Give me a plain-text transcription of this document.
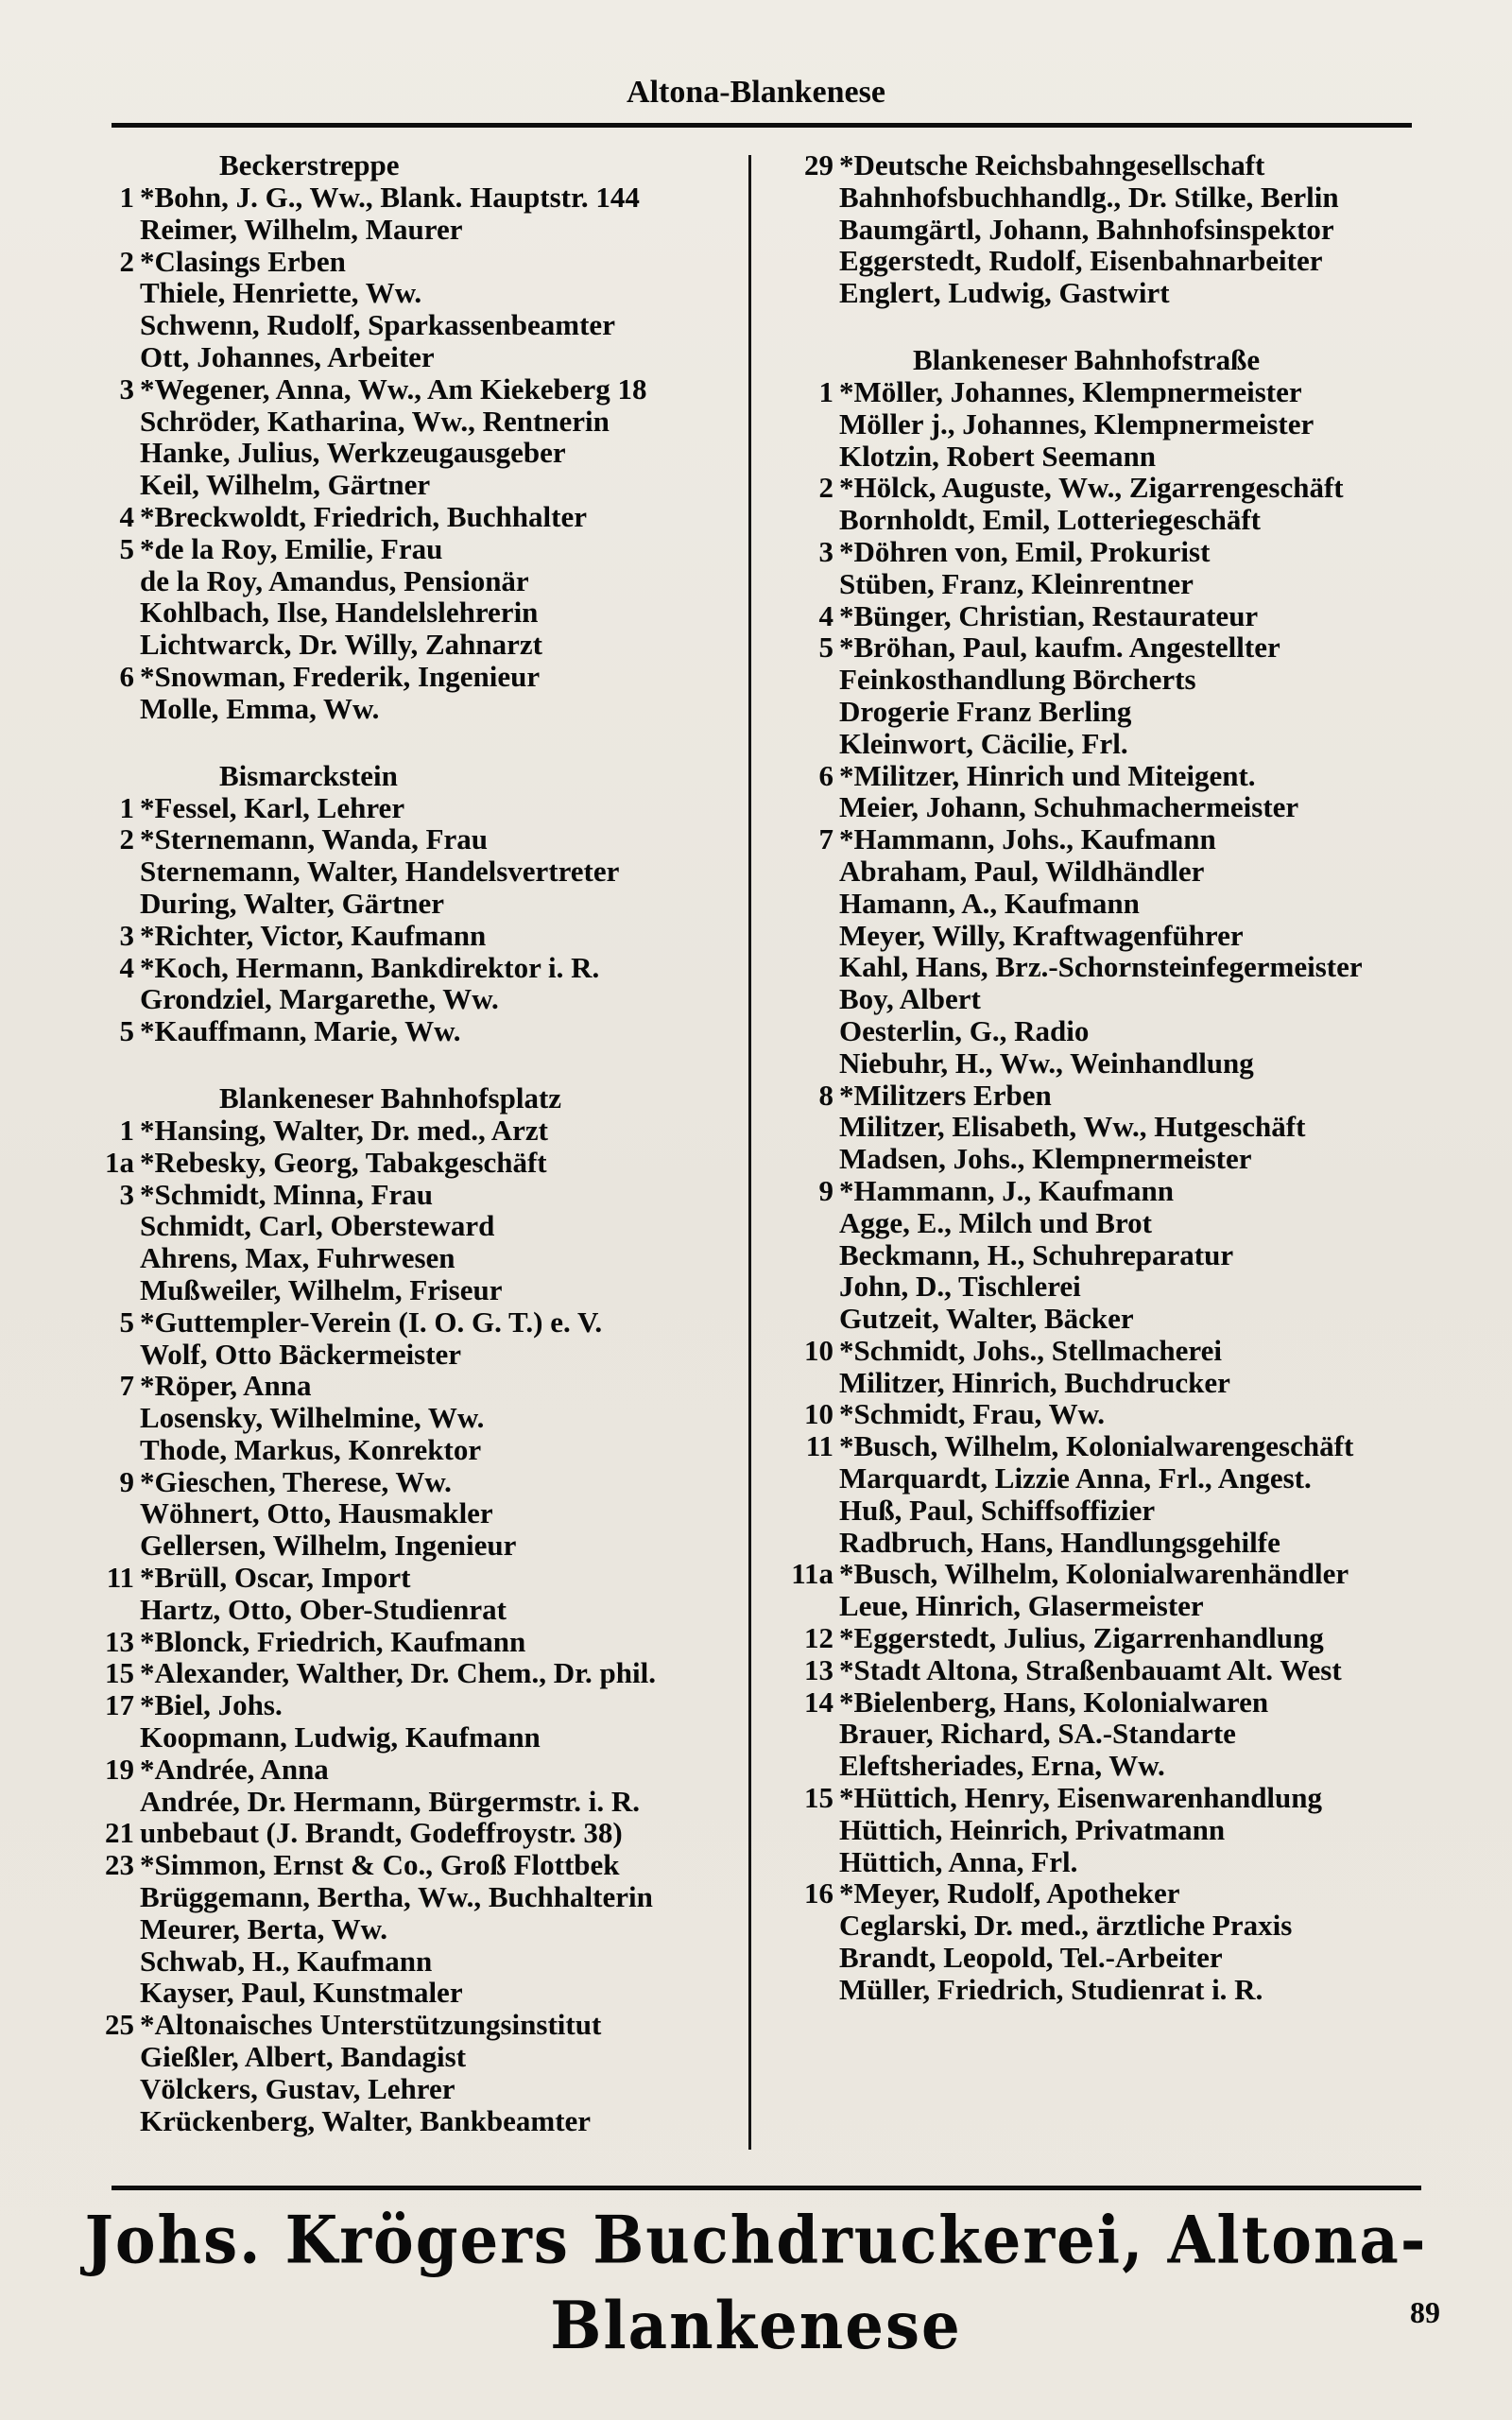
Altona-Blankenese
Beckerstreppe
1 *Bohn, J. G., Ww., Blank. Hauptstr. 144
Reimer, Wilhelm, Maurer
2 *Clasings Erben
Thiele, Henriette, Ww.
Schwenn, Rudolf, Sparkassenbeamter
Ott, Johannes, Arbeiter
3 *Wegener, Anna, Ww., Am Kiekeberg 18
Schröder, Katharina, Ww., Rentnerin
Hanke, Julius, Werkzeugausgeber
Keil, Wilhelm, Gärtner
4 *Breckwoldt, Friedrich, Buchhalter
5 *de la Roy, Emilie, Frau
de la Roy, Amandus, Pensionär
Kohlbach, Ilse, Handelslehrerin
Lichtwarck, Dr. Willy, Zahnarzt
6 *Snowman, Frederik, Ingenieur
Molle, Emma, Ww.
Bismarckstein
1 *Fessel, Karl, Lehrer
2 *Sternemann, Wanda, Frau
Sternemann, Walter, Handelsvertreter
During, Walter, Gärtner
3 *Richter, Victor, Kaufmann
4 *Koch, Hermann, Bankdirektor i. R.
Grondziel, Margarethe, Ww.
5 *Kauffmann, Marie, Ww.
Blankeneser Bahnhofsplatz
1 *Hansing, Walter, Dr. med., Arzt
1a *Rebesky, Georg, Tabakgeschäft
3 *Schmidt, Minna, Frau
Schmidt, Carl, Obersteward
Ahrens, Max, Fuhrwesen
Mußweiler, Wilhelm, Friseur
5 *Guttempler-Verein (I. O. G. T.) e. V.
Wolf, Otto Bäckermeister
7 *Röper, Anna
Losensky, Wilhelmine, Ww.
Thode, Markus, Konrektor
9 *Gieschen, Therese, Ww.
Wöhnert, Otto, Hausmakler
Gellersen, Wilhelm, Ingenieur
11 *Brüll, Oscar, Import
Hartz, Otto, Ober-Studienrat
13 *Blonck, Friedrich, Kaufmann
15 *Alexander, Walther, Dr. Chem., Dr. phil.
17 *Biel, Johs.
Koopmann, Ludwig, Kaufmann
19 *Andrée, Anna
Andrée, Dr. Hermann, Bürgermstr. i. R.
21 unbebaut (J. Brandt, Godeffroystr. 38)
23 *Simmon, Ernst & Co., Groß Flottbek
Brüggemann, Bertha, Ww., Buchhalterin
Meurer, Berta, Ww.
Schwab, H., Kaufmann
Kayser, Paul, Kunstmaler
25 *Altonaisches Unterstützungsinstitut
Gießler, Albert, Bandagist
Völckers, Gustav, Lehrer
Krückenberg, Walter, Bankbeamter
29 *Deutsche Reichsbahngesellschaft
Bahnhofsbuchhandlg., Dr. Stilke, Berlin
Baumgärtl, Johann, Bahnhofsinspektor
Eggerstedt, Rudolf, Eisenbahnarbeiter
Englert, Ludwig, Gastwirt
Blankeneser Bahnhofstraße
1 *Möller, Johannes, Klempnermeister
Möller j., Johannes, Klempnermeister
Klotzin, Robert Seemann
2 *Hölck, Auguste, Ww., Zigarrengeschäft
Bornholdt, Emil, Lotteriegeschäft
3 *Döhren von, Emil, Prokurist
Stüben, Franz, Kleinrentner
4 *Bünger, Christian, Restaurateur
5 *Bröhan, Paul, kaufm. Angestellter
Feinkosthandlung Börcherts
Drogerie Franz Berling
Kleinwort, Cäcilie, Frl.
6 *Militzer, Hinrich und Miteigent.
Meier, Johann, Schuhmachermeister
7 *Hammann, Johs., Kaufmann
Abraham, Paul, Wildhändler
Hamann, A., Kaufmann
Meyer, Willy, Kraftwagenführer
Kahl, Hans, Brz.-Schornsteinfegermeister
Boy, Albert
Oesterlin, G., Radio
Niebuhr, H., Ww., Weinhandlung
8 *Militzers Erben
Militzer, Elisabeth, Ww., Hutgeschäft
Madsen, Johs., Klempnermeister
9 *Hammann, J., Kaufmann
Agge, E., Milch und Brot
Beckmann, H., Schuhreparatur
John, D., Tischlerei
Gutzeit, Walter, Bäcker
10 *Schmidt, Johs., Stellmacherei
Militzer, Hinrich, Buchdrucker
10 *Schmidt, Frau, Ww.
11 *Busch, Wilhelm, Kolonialwarengeschäft
Marquardt, Lizzie Anna, Frl., Angest.
Huß, Paul, Schiffsoffizier
Radbruch, Hans, Handlungsgehilfe
11a *Busch, Wilhelm, Kolonialwarenhändler
Leue, Hinrich, Glasermeister
12 *Eggerstedt, Julius, Zigarrenhandlung
13 *Stadt Altona, Straßenbauamt Alt. West
14 *Bielenberg, Hans, Kolonialwaren
Brauer, Richard, SA.-Standarte
Eleftsheriades, Erna, Ww.
15 *Hüttich, Henry, Eisenwarenhandlung
Hüttich, Heinrich, Privatmann
Hüttich, Anna, Frl.
16 *Meyer, Rudolf, Apotheker
Ceglarski, Dr. med., ärztliche Praxis
Brandt, Leopold, Tel.-Arbeiter
Müller, Friedrich, Studienrat i. R.
Johs. Krögers Buchdruckerei, Altona-Blankenese	89
